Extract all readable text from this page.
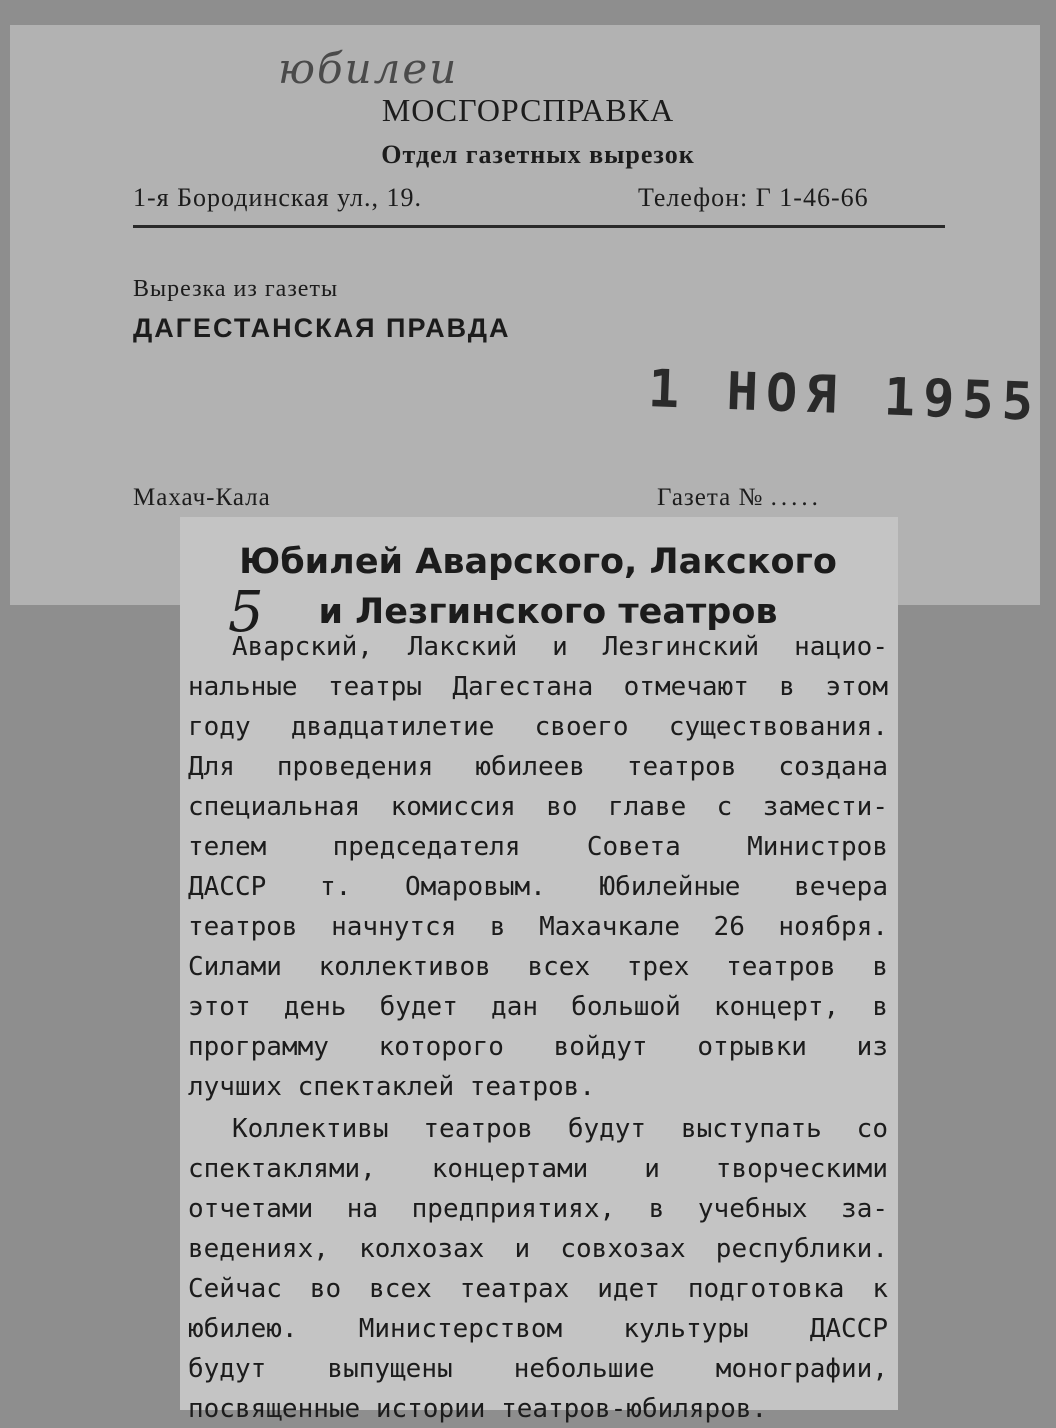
юбилеи
МОСГОРСПРАВКА
Отдел газетных вырезок
1-я Бородинская ул., 19.	Телефон: Г 1-46-66
Вырезка из газеты
ДАГЕСТАНСКАЯ ПРАВДА
1 НОЯ 1955
Махач-Кала	Газета № .....
Юбилей Аварского, Лакского
и Лезгинского театров
5
Аварский, Лакский и Лезгинский нацио-
нальные театры Дагестана отмечают в этом
году двадцатилетие своего существования.
Для проведения юбилеев театров создана
специальная комиссия во главе с замести-
телем председателя Совета Министров
ДАССР т. Омаровым. Юбилейные вечера
театров начнутся в Махачкале 26 ноября.
Силами коллективов всех трех театров в
этот день будет дан большой концерт, в
программу которого войдут отрывки из
лучших спектаклей театров.
Коллективы театров будут выступать со
спектаклями, концертами и творческими
отчетами на предприятиях, в учебных за-
ведениях, колхозах и совхозах республики.
Сейчас во всех театрах идет подготовка к
юбилею. Министерством культуры ДАССР
будут выпущены небольшие монографии,
посвященные истории театров-юбиляров.
